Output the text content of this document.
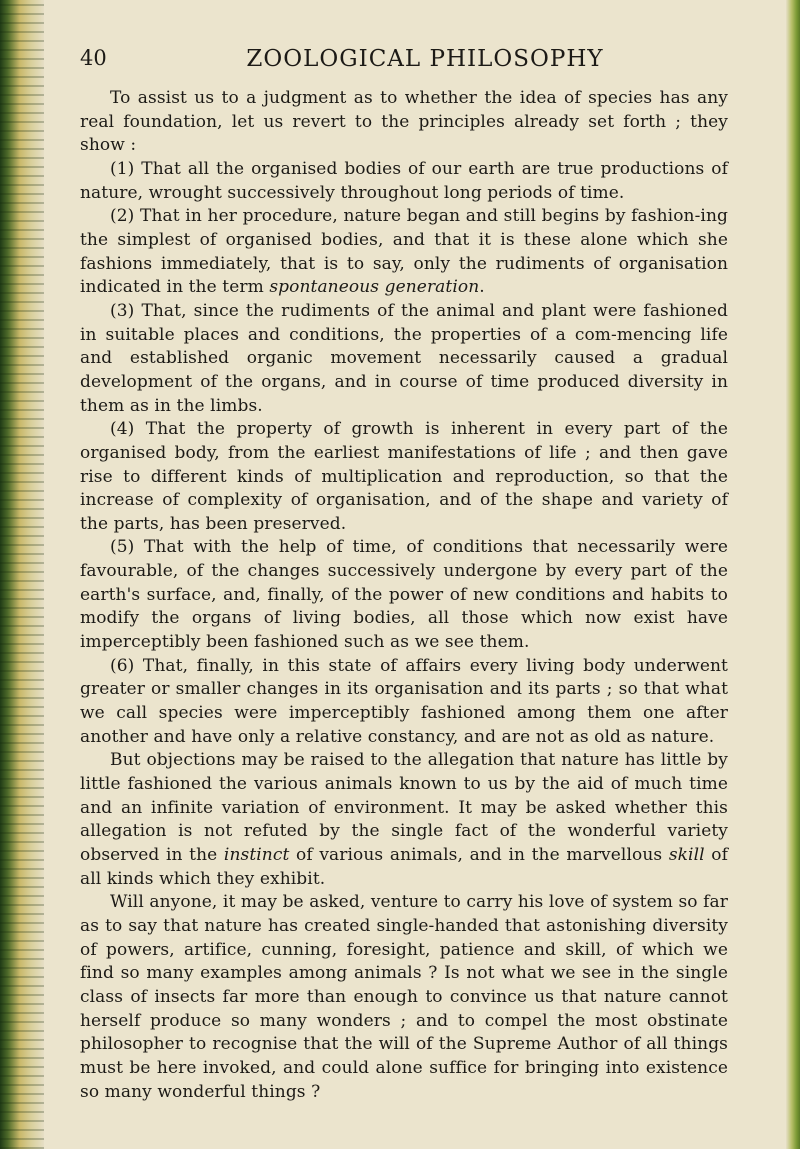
40	ZOOLOGICAL PHILOSOPHY

To assist us to a judgment as to whether the idea of species has any real foundation, let us revert to the principles already set forth ; they show :

(1) That all the organised bodies of our earth are true productions of nature, wrought successively throughout long periods of time.

(2) That in her procedure, nature began and still begins by fashion-ing the simplest of organised bodies, and that it is these alone which she fashions immediately, that is to say, only the rudiments of organisation indicated in the term spontaneous generation.

(3) That, since the rudiments of the animal and plant were fashioned in suitable places and conditions, the properties of a com-mencing life and established organic movement necessarily caused a gradual development of the organs, and in course of time produced diversity in them as in the limbs.

(4) That the property of growth is inherent in every part of the organised body, from the earliest manifestations of life ; and then gave rise to different kinds of multiplication and reproduction, so that the increase of complexity of organisation, and of the shape and variety of the parts, has been preserved.

(5) That with the help of time, of conditions that necessarily were favourable, of the changes successively undergone by every part of the earth's surface, and, finally, of the power of new conditions and habits to modify the organs of living bodies, all those which now exist have imperceptibly been fashioned such as we see them.

(6) That, finally, in this state of affairs every living body underwent greater or smaller changes in its organisation and its parts ; so that what we call species were imperceptibly fashioned among them one after another and have only a relative constancy, and are not as old as nature.

But objections may be raised to the allegation that nature has little by little fashioned the various animals known to us by the aid of much time and an infinite variation of environment. It may be asked whether this allegation is not refuted by the single fact of the wonderful variety observed in the instinct of various animals, and in the marvellous skill of all kinds which they exhibit.

Will anyone, it may be asked, venture to carry his love of system so far as to say that nature has created single-handed that astonishing diversity of powers, artifice, cunning, foresight, patience and skill, of which we find so many examples among animals ? Is not what we see in the single class of insects far more than enough to convince us that nature cannot herself produce so many wonders ; and to compel the most obstinate philosopher to recognise that the will of the Supreme Author of all things must be here invoked, and could alone suffice for bringing into existence so many wonderful things ?
